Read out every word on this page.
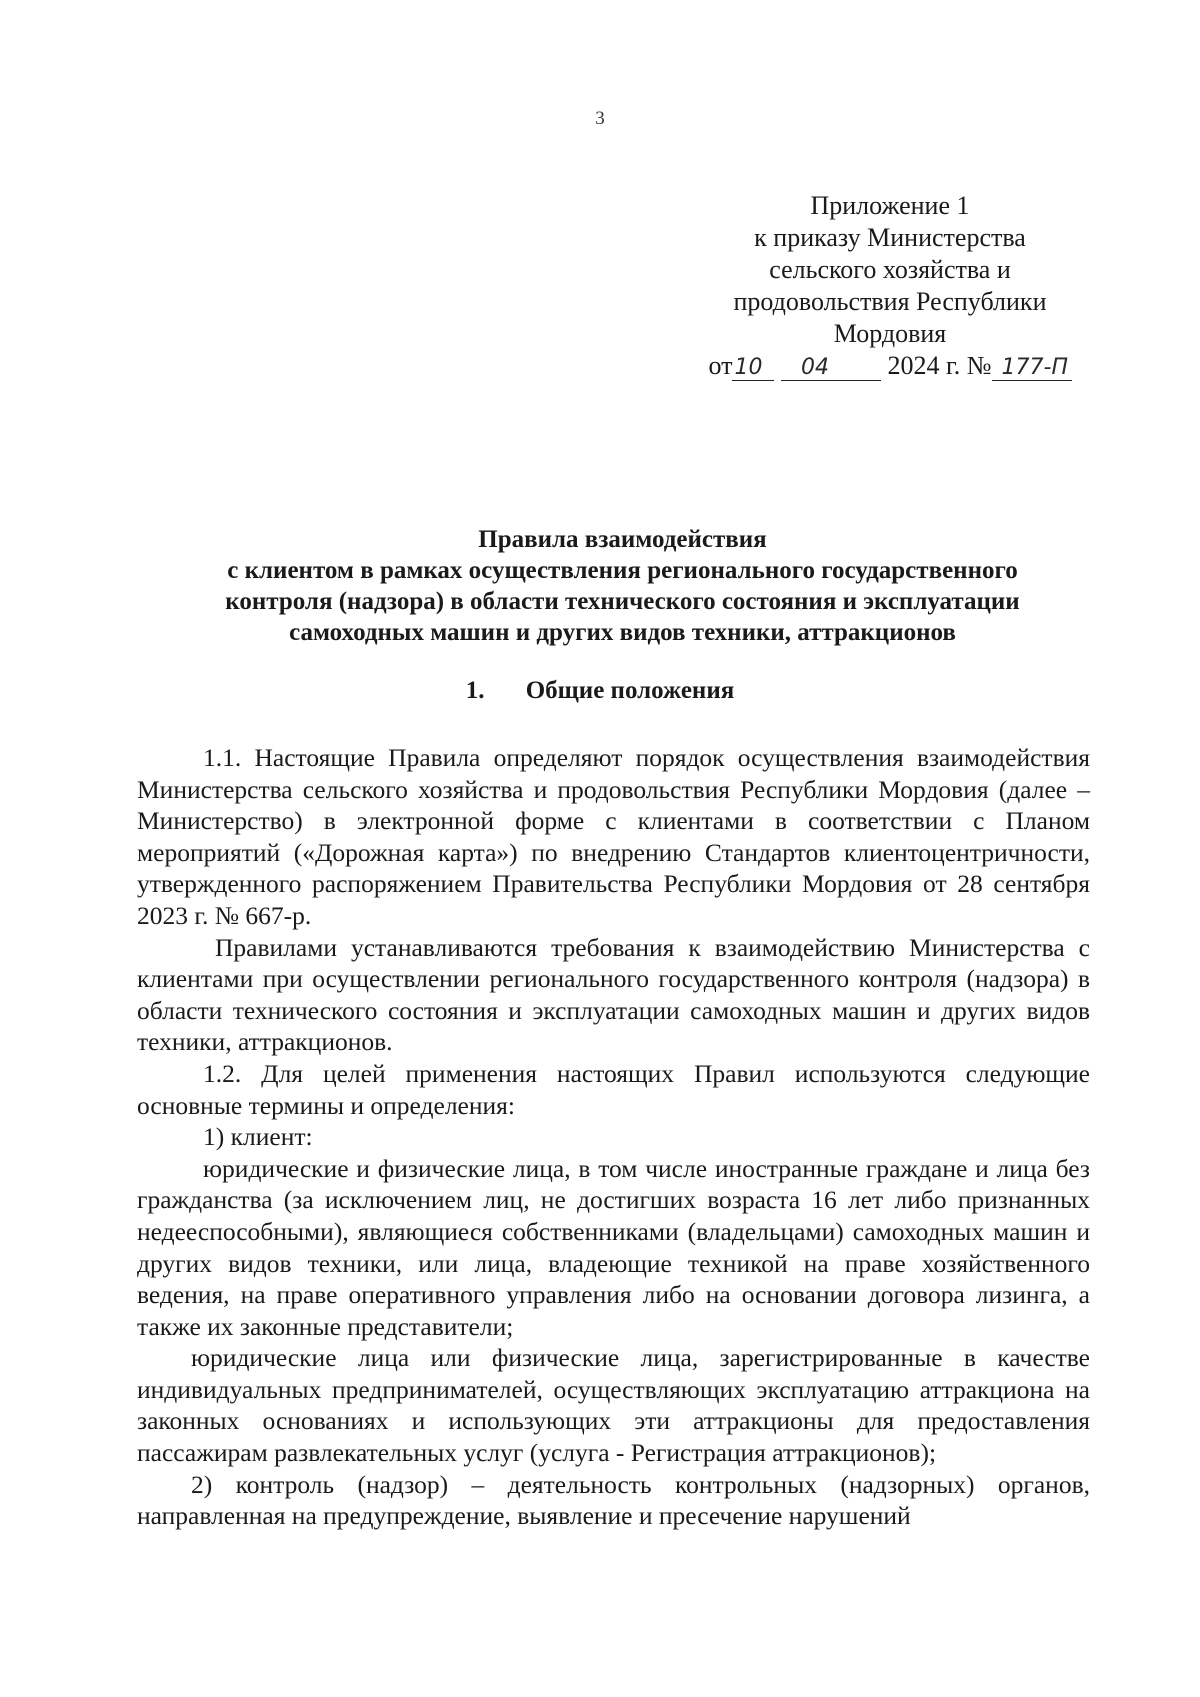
3
Приложение 1
к приказу Министерства
сельского хозяйства и
продовольствия Республики
Мордовия
от10 04 2024 г. № 177-П
Правила взаимодействия
с клиентом в рамках осуществления регионального государственного
контроля (надзора) в области технического состояния и эксплуатации
самоходных машин и других видов техники, аттракционов
1. Общие положения

1.1. Настоящие Правила определяют порядок осуществления взаимодействия Министерства сельского хозяйства и продовольствия Республики Мордовия (далее – Министерство) в электронной форме с клиентами в соответствии с Планом мероприятий («Дорожная карта») по внедрению Стандартов клиентоцентричности, утвержденного распоряжением Правительства Республики Мордовия от 28 сентября 2023 г. № 667-р.

Правилами устанавливаются требования к взаимодействию Министерства с клиентами при осуществлении регионального государственного контроля (надзора) в области технического состояния и эксплуатации самоходных машин и других видов техники, аттракционов.

1.2. Для целей применения настоящих Правил используются следующие основные термины и определения:

1) клиент:

юридические и физические лица, в том числе иностранные граждане и лица без гражданства (за исключением лиц, не достигших возраста 16 лет либо признанных недееспособными), являющиеся собственниками (владельцами) самоходных машин и других видов техники, или лица, владеющие техникой на праве хозяйственного ведения, на праве оперативного управления либо на основании договора лизинга, а также их законные представители;

юридические лица или физические лица, зарегистрированные в качестве индивидуальных предпринимателей, осуществляющих эксплуатацию аттракциона на законных основаниях и использующих эти аттракционы для предоставления пассажирам развлекательных услуг (услуга - Регистрация аттракционов);

2) контроль (надзор) – деятельность контрольных (надзорных) органов, направленная на предупреждение, выявление и пресечение нарушений
